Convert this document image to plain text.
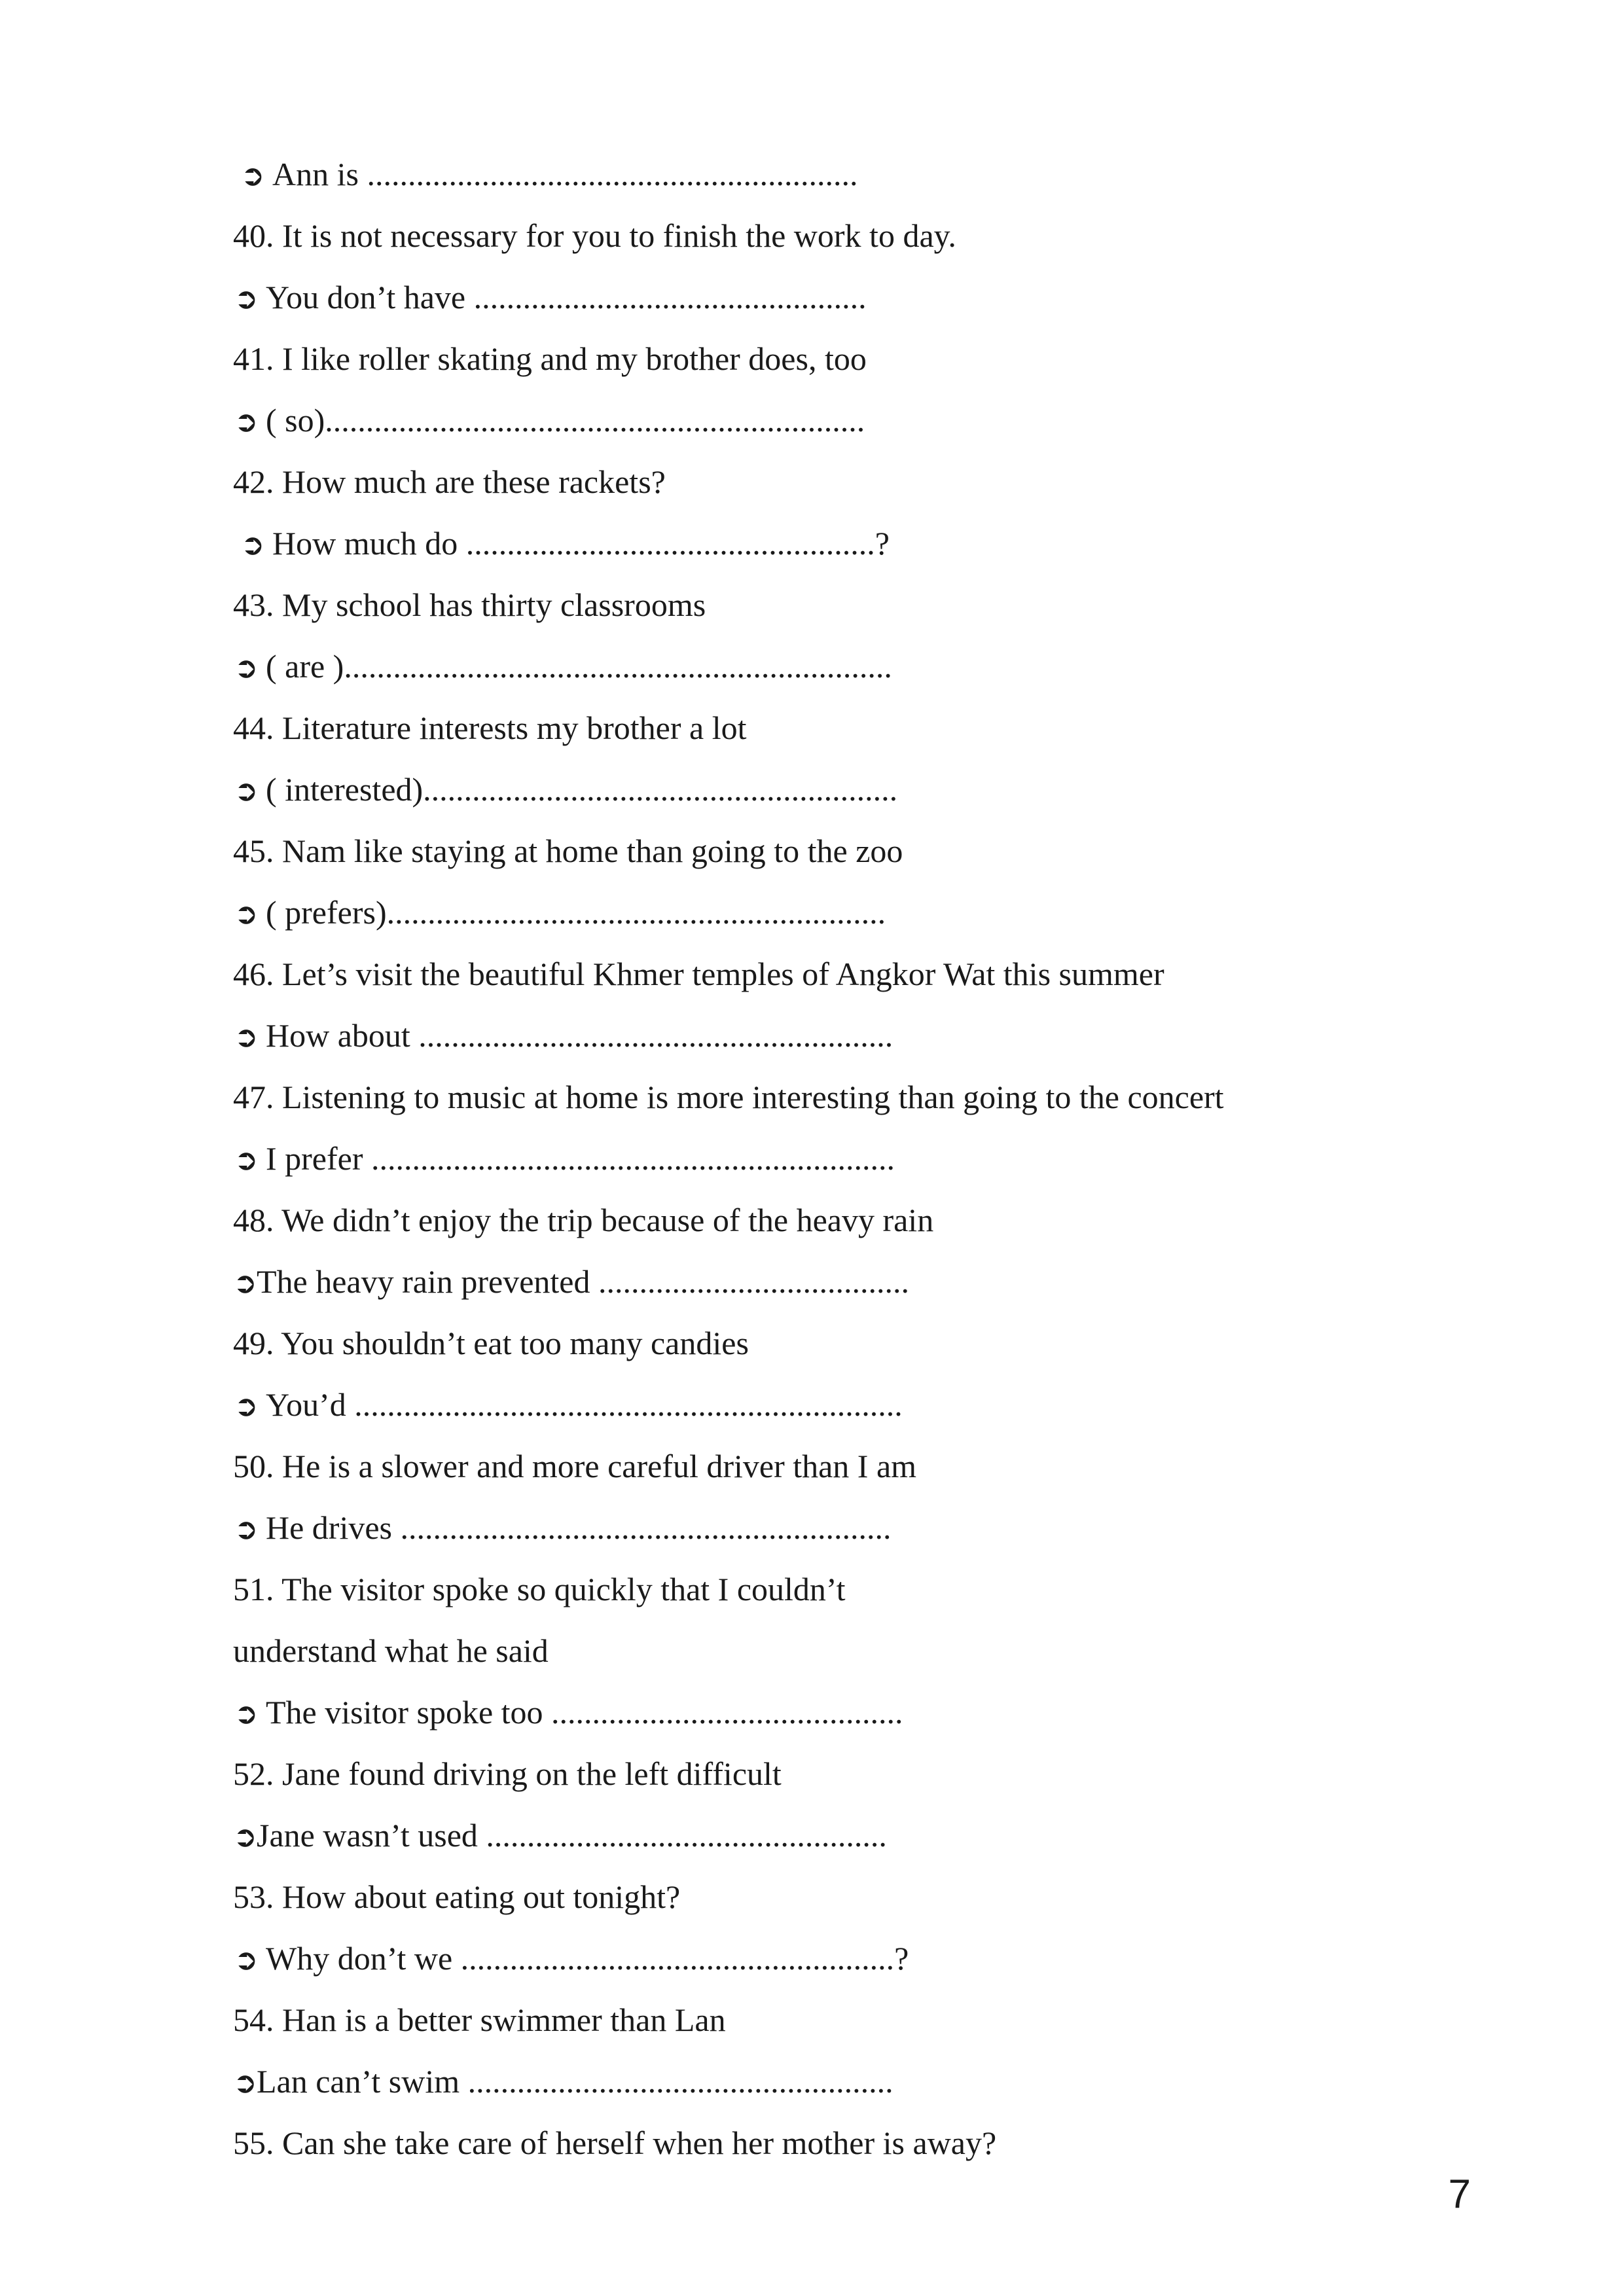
➲ Ann is ............................................................
40. It is not necessary for you to finish the work to day.
➲ You don’t have ................................................
41. I like roller skating and my brother does, too
➲ ( so)..................................................................
42. How much are these rackets?
➲ How much do ..................................................?
43. My school has thirty classrooms
➲ ( are )...................................................................
44. Literature interests my brother a lot
➲ ( interested)..........................................................
45. Nam like staying at home than going to the zoo
➲ ( prefers).............................................................
46. Let’s visit the beautiful Khmer temples of Angkor Wat this summer
➲ How about ..........................................................
47. Listening to music at home is more interesting than going to the concert
➲ I prefer ................................................................
48. We didn’t enjoy the trip because of the heavy rain
➲The heavy rain prevented ......................................
49. You shouldn’t eat too many candies
➲ You’d ...................................................................
50. He is a slower and more careful driver than I am
➲ He drives ............................................................
51. The visitor spoke so quickly that I couldn’t
understand what he said
➲ The visitor spoke too ...........................................
52. Jane found driving on the left difficult
➲Jane wasn’t used .................................................
53. How about eating out tonight?
➲ Why don’t we .....................................................?
54. Han is a better swimmer than Lan
➲Lan can’t swim ....................................................
55. Can she take care of herself when her mother is away?
7
